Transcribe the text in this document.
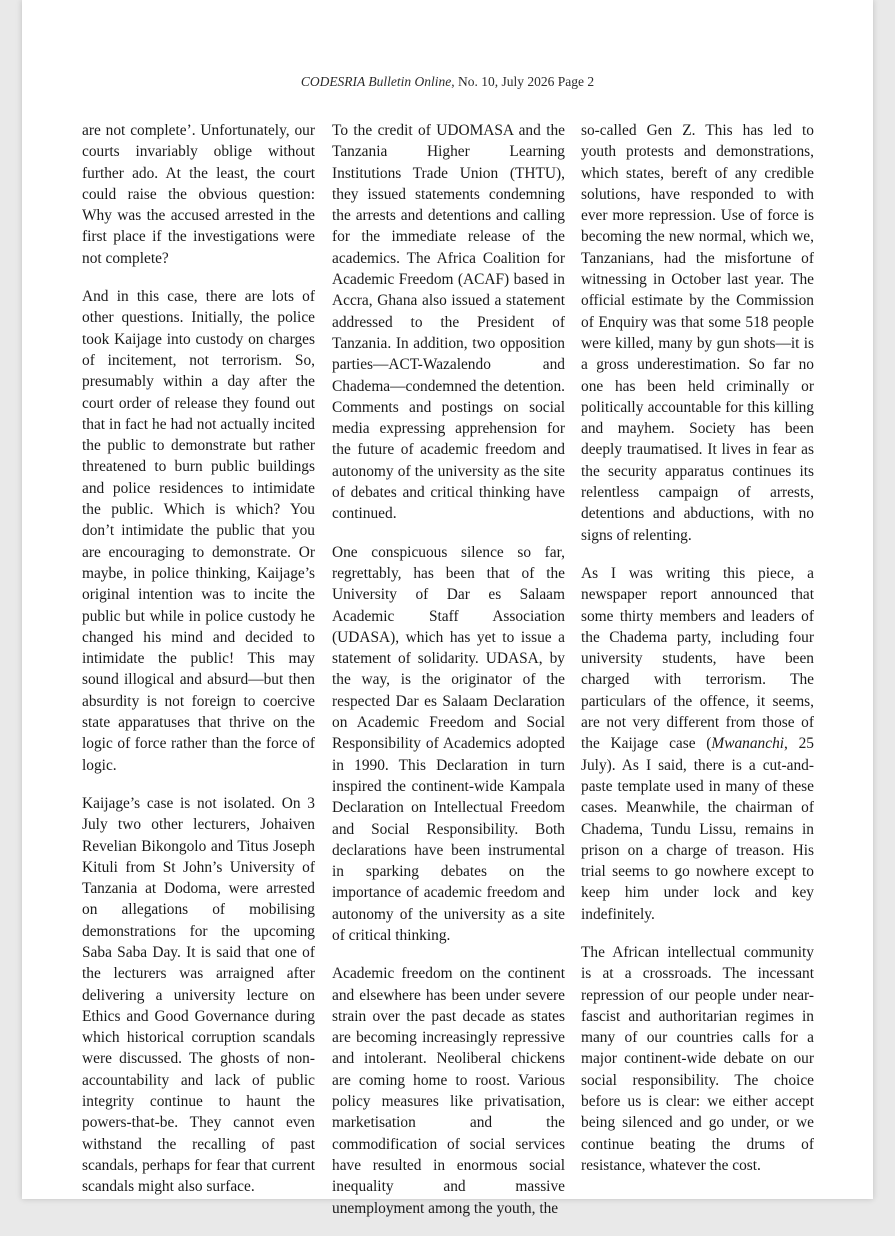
CODESRIA Bulletin Online, No. 10, July 2026 Page 2

are not complete’. Unfortunately, our courts invariably oblige without further ado. At the least, the court could raise the obvious question: Why was the accused arrested in the first place if the investigations were not complete?

And in this case, there are lots of other questions. Initially, the police took Kaijage into custody on charges of incitement, not terrorism. So, presumably within a day after the court order of release they found out that in fact he had not actually incited the public to demonstrate but rather threatened to burn public buildings and police residences to intimidate the public. Which is which? You don’t intimidate the public that you are encouraging to demonstrate. Or maybe, in police thinking, Kaijage’s original intention was to incite the public but while in police custody he changed his mind and decided to intimidate the public! This may sound illogical and absurd—but then absurdity is not foreign to coercive state apparatuses that thrive on the logic of force rather than the force of logic.

Kaijage’s case is not isolated. On 3 July two other lecturers, Johaiven Revelian Bikongolo and Titus Joseph Kituli from St John’s University of Tanzania at Dodoma, were arrested on allegations of mobilising demonstrations for the upcoming Saba Saba Day. It is said that one of the lecturers was arraigned after delivering a university lecture on Ethics and Good Governance during which historical corruption scandals were discussed. The ghosts of non-accountability and lack of public integrity continue to haunt the powers-that-be. They cannot even withstand the recalling of past scandals, perhaps for fear that current scandals might also surface.

To the credit of UDOMASA and the Tanzania Higher Learning Institutions Trade Union (THTU), they issued statements condemning the arrests and detentions and calling for the immediate release of the academics. The Africa Coalition for Academic Freedom (ACAF) based in Accra, Ghana also issued a statement addressed to the President of Tanzania. In addition, two opposition parties—ACT-Wazalendo and Chadema—condemned the detention. Comments and postings on social media expressing apprehension for the future of academic freedom and autonomy of the university as the site of debates and critical thinking have continued.

One conspicuous silence so far, regrettably, has been that of the University of Dar es Salaam Academic Staff Association (UDASA), which has yet to issue a statement of solidarity. UDASA, by the way, is the originator of the respected Dar es Salaam Declaration on Academic Freedom and Social Responsibility of Academics adopted in 1990. This Declaration in turn inspired the continent-wide Kampala Declaration on Intellectual Freedom and Social Responsibility. Both declarations have been instrumental in sparking debates on the importance of academic freedom and autonomy of the university as a site of critical thinking.

Academic freedom on the continent and elsewhere has been under severe strain over the past decade as states are becoming increasingly repressive and intolerant. Neoliberal chickens are coming home to roost. Various policy measures like privatisation, marketisation and the commodification of social services have resulted in enormous social inequality and massive unemployment among the youth, the

so-called Gen Z. This has led to youth protests and demonstrations, which states, bereft of any credible solutions, have responded to with ever more repression. Use of force is becoming the new normal, which we, Tanzanians, had the misfortune of witnessing in October last year. The official estimate by the Commission of Enquiry was that some 518 people were killed, many by gun shots—it is a gross underestimation. So far no one has been held criminally or politically accountable for this killing and mayhem. Society has been deeply traumatised. It lives in fear as the security apparatus continues its relentless campaign of arrests, detentions and abductions, with no signs of relenting.

As I was writing this piece, a newspaper report announced that some thirty members and leaders of the Chadema party, including four university students, have been charged with terrorism. The particulars of the offence, it seems, are not very different from those of the Kaijage case (Mwananchi, 25 July). As I said, there is a cut-and-paste template used in many of these cases. Meanwhile, the chairman of Chadema, Tundu Lissu, remains in prison on a charge of treason. His trial seems to go nowhere except to keep him under lock and key indefinitely.

The African intellectual community is at a crossroads. The incessant repression of our people under near-fascist and authoritarian regimes in many of our countries calls for a major continent-wide debate on our social responsibility. The choice before us is clear: we either accept being silenced and go under, or we continue beating the drums of resistance, whatever the cost.
